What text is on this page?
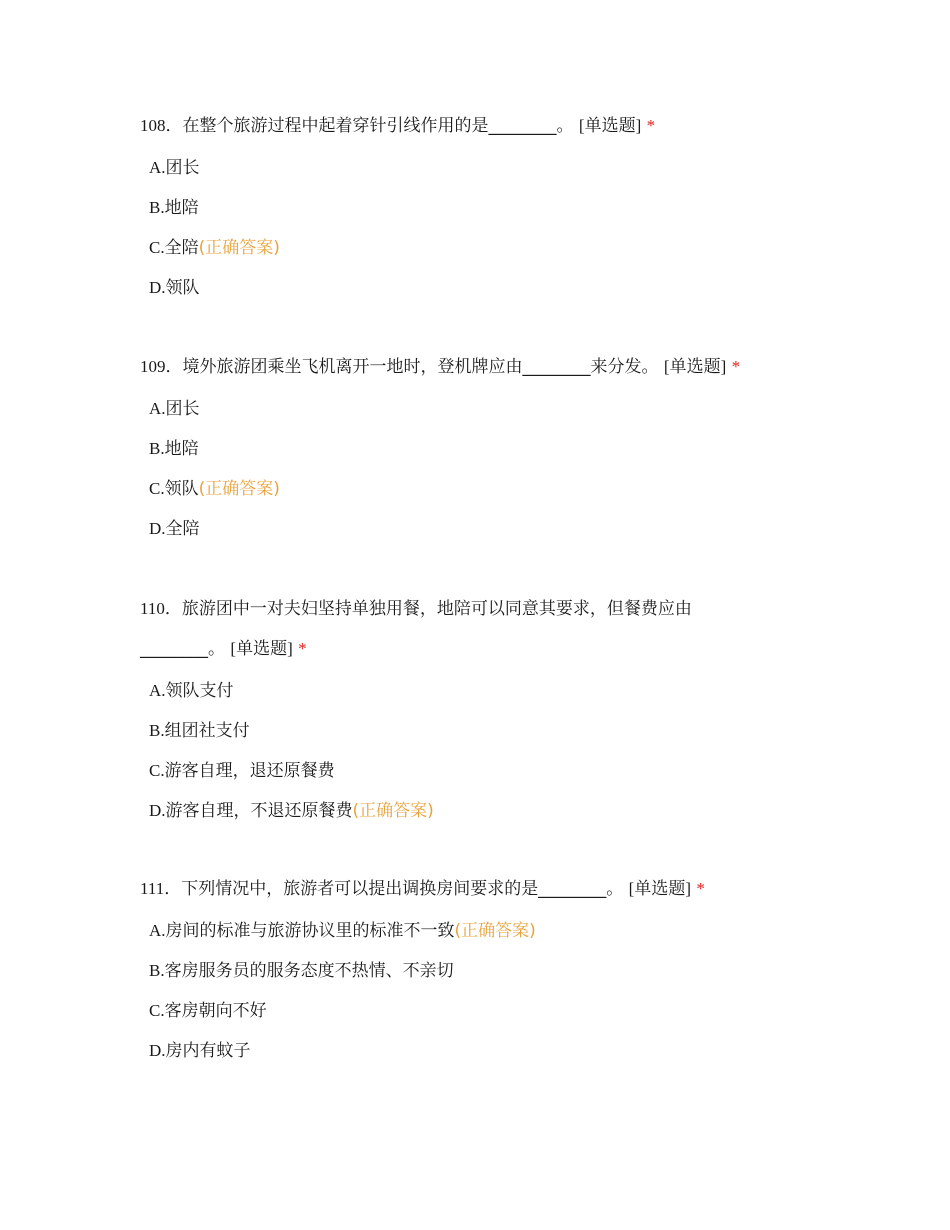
108．在整个旅游过程中起着穿针引线作用的是________。 [单选题] *

A.团长
B.地陪
C.全陪(正确答案)
D.领队

109．境外旅游团乘坐飞机离开一地时，登机牌应由________来分发。 [单选题] *

A.团长
B.地陪
C.领队(正确答案)
D.全陪

110．旅游团中一对夫妇坚持单独用餐，地陪可以同意其要求，但餐费应由________。 [单选题] *

A.领队支付
B.组团社支付
C.游客自理，退还原餐费
D.游客自理，不退还原餐费(正确答案)

111．下列情况中，旅游者可以提出调换房间要求的是________。 [单选题] *

A.房间的标准与旅游协议里的标准不一致(正确答案)
B.客房服务员的服务态度不热情、不亲切
C.客房朝向不好
D.房内有蚊子
